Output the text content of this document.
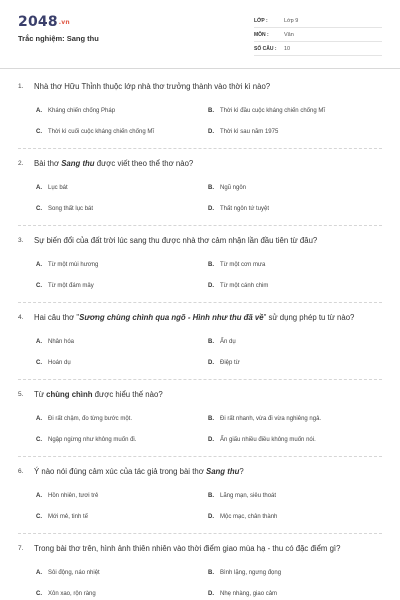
2048.vn
Trắc nghiệm: Sang thu
LỚP :	Lớp 9
MÔN :	Văn
SỐ CÂU :	10
1.	Nhà thơ Hữu Thỉnh thuộc lớp nhà thơ trưởng thành vào thời kì nào?
A.	Kháng chiến chống Pháp	B.	Thời kì đầu cuộc kháng chiến chống Mĩ
C.	Thời kì cuối cuộc kháng chiến chống Mĩ	D.	Thời kì sau năm 1975
2.	Bài thơ Sang thu được viết theo thể thơ nào?
A.	Lục bát	B.	Ngũ ngôn
C.	Song thất lục bát	D.	Thất ngôn tứ tuyệt
3.	Sự biến đổi của đất trời lúc sang thu được nhà thơ cảm nhận lần đầu tiên từ đâu?
A.	Từ một mùi hương	B.	Từ một cơn mưa
C.	Từ một đám mây	D.	Từ một cánh chim
4.	Hai câu thơ "Sương chùng chình qua ngõ - Hình như thu đã về" sử dụng phép tu từ nào?
A.	Nhân hóa	B.	Ẩn dụ
C.	Hoán dụ	D.	Điệp từ
5.	Từ chùng chình được hiểu thế nào?
A.	Đi rất chậm, đo từng bước một.	B.	Đi rất nhanh, vừa đi vừa nghiêng ngả.
C.	Ngập ngừng như không muốn đi.	D.	Ẩn giấu nhiều điều không muốn nói.
6.	Ý nào nói đúng cảm xúc của tác giả trong bài thơ Sang thu?
A.	Hồn nhiên, tươi trẻ	B.	Lãng mạn, siêu thoát
C.	Mới mẻ, tinh tế	D.	Mộc mạc, chân thành
7.	Trong bài thơ trên, hình ảnh thiên nhiên vào thời điểm giao mùa hạ - thu có đặc điểm gì?
A.	Sôi động, náo nhiệt	B.	Bình lặng, ngưng đọng
C.	Xôn xao, rộn ràng	D.	Nhẹ nhàng, giao cảm
